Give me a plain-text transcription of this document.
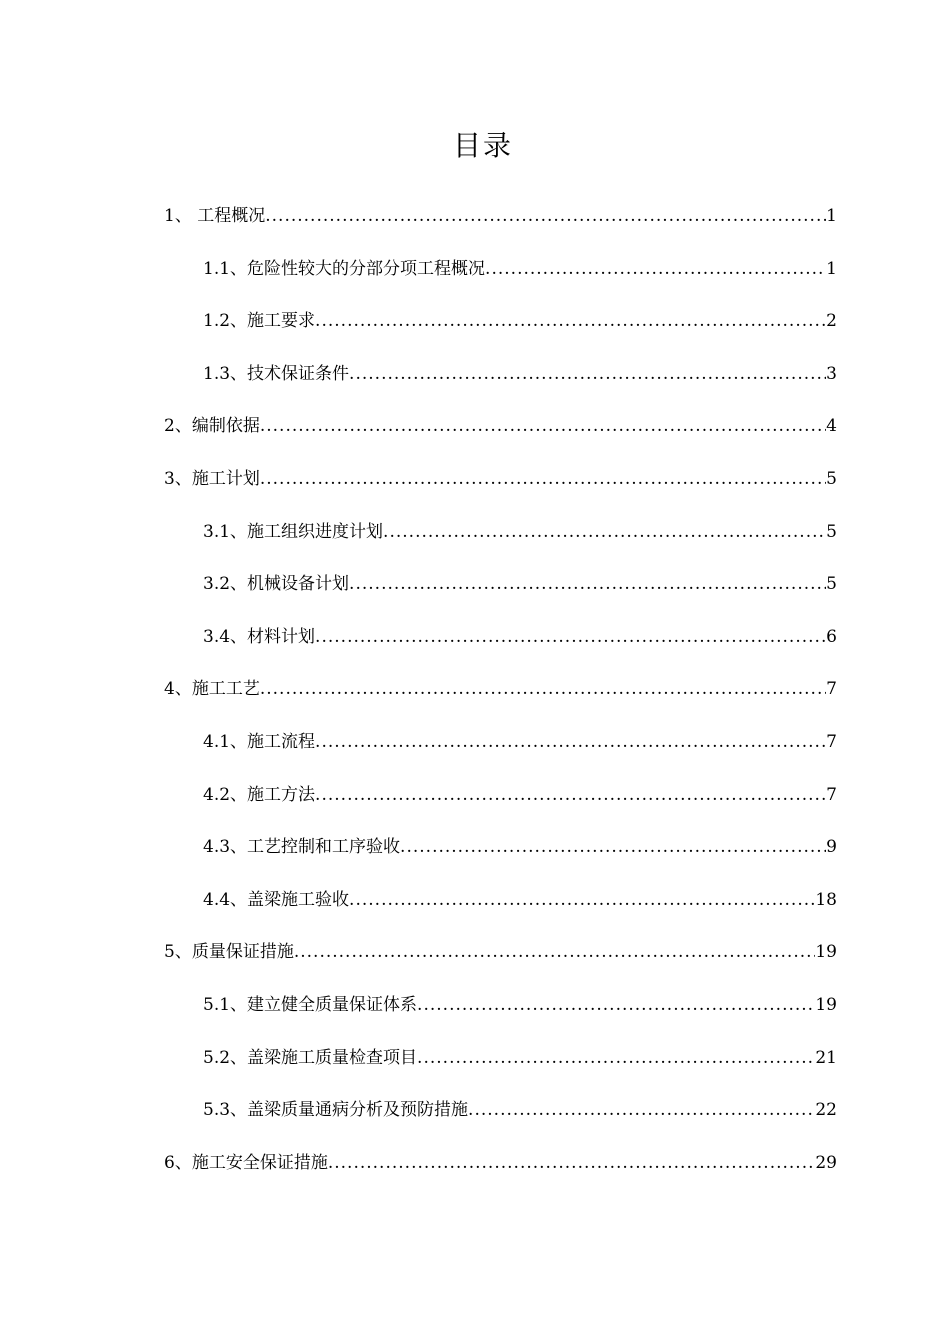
目录
1、 工程概况 .....	1
1.1、危险性较大的分部分项工程概况 .....	1
1.2、施工要求 .....	2
1.3、技术保证条件 .....	3
2、编制依据 .....	4
3、施工计划 .....	5
3.1、施工组织进度计划 .....	5
3.2、机械设备计划 .....	5
3.4、材料计划 .....	6
4、施工工艺 .....	7
4.1、施工流程 .....	7
4.2、施工方法 .....	7
4.3、工艺控制和工序验收 .....	9
4.4、盖梁施工验收 .....	18
5、质量保证措施 .....	19
5.1、建立健全质量保证体系 .....	19
5.2、盖梁施工质量检查项目 .....	21
5.3、盖梁质量通病分析及预防措施 .....	22
6、施工安全保证措施 .....	29
